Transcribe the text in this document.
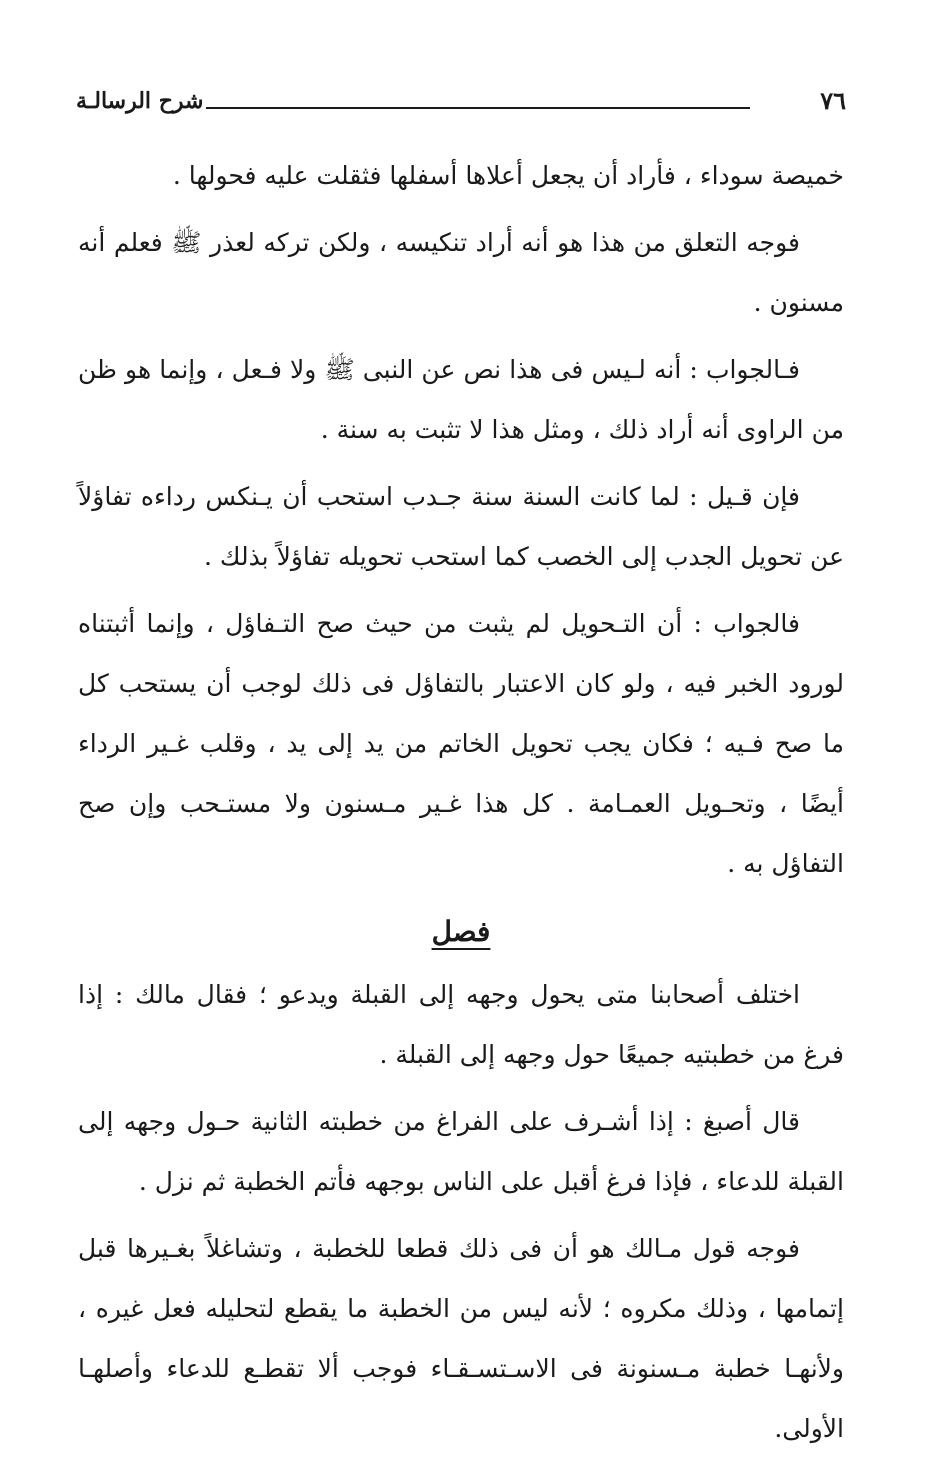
شرح الرسالـة	٧٦

خميصة سوداء ، فأراد أن يجعل أعلاها أسفلها فثقلت عليه فحولها .

فوجه التعلق من هذا هو أنه أراد تنكيسه ، ولكن تركه لعذر ﷺ فعلم أنه مسنون .

فـالجواب : أنه لـيس فى هذا نص عن النبى ﷺ ولا فـعل ، وإنما هو ظن من الراوى أنه أراد ذلك ، ومثل هذا لا تثبت به سنة .

فإن قـيل : لما كانت السنة سنة جـدب استحب أن يـنكس رداءه تفاؤلاً عن تحويل الجدب إلى الخصب كما استحب تحويله تفاؤلاً بذلك .

فالجواب : أن التـحويل لم يثبت من حيث صح التـفاؤل ، وإنما أثبتناه لورود الخبر فيه ، ولو كان الاعتبار بالتفاؤل فى ذلك لوجب أن يستحب كل ما صح فـيه ؛ فكان يجب تحويل الخاتم من يد إلى يد ، وقلب غـير الرداء أيضًا ، وتحـويل العمـامة . كل هذا غـير مـسنون ولا مستـحب وإن صح التفاؤل به .

فصل

اختلف أصحابنا متى يحول وجهه إلى القبلة ويدعو ؛ فقال مالك : إذا فرغ من خطبتيه جميعًا حول وجهه إلى القبلة .

قال أصبغ : إذا أشـرف على الفراغ من خطبته الثانية حـول وجهه إلى القبلة للدعاء ، فإذا فرغ أقبل على الناس بوجهه فأتم الخطبة ثم نزل .

فوجه قول مـالك هو أن فى ذلك قطعا للخطبة ، وتشاغلاً بغـيرها قبل إتمامها ، وذلك مكروه ؛ لأنه ليس من الخطبة ما يقطع لتحليله فعل غيره ، ولأنهـا خطبة مـسنونة فى الاسـتسـقـاء فوجب ألا تقطـع للدعاء وأصلهـا الأولى.
